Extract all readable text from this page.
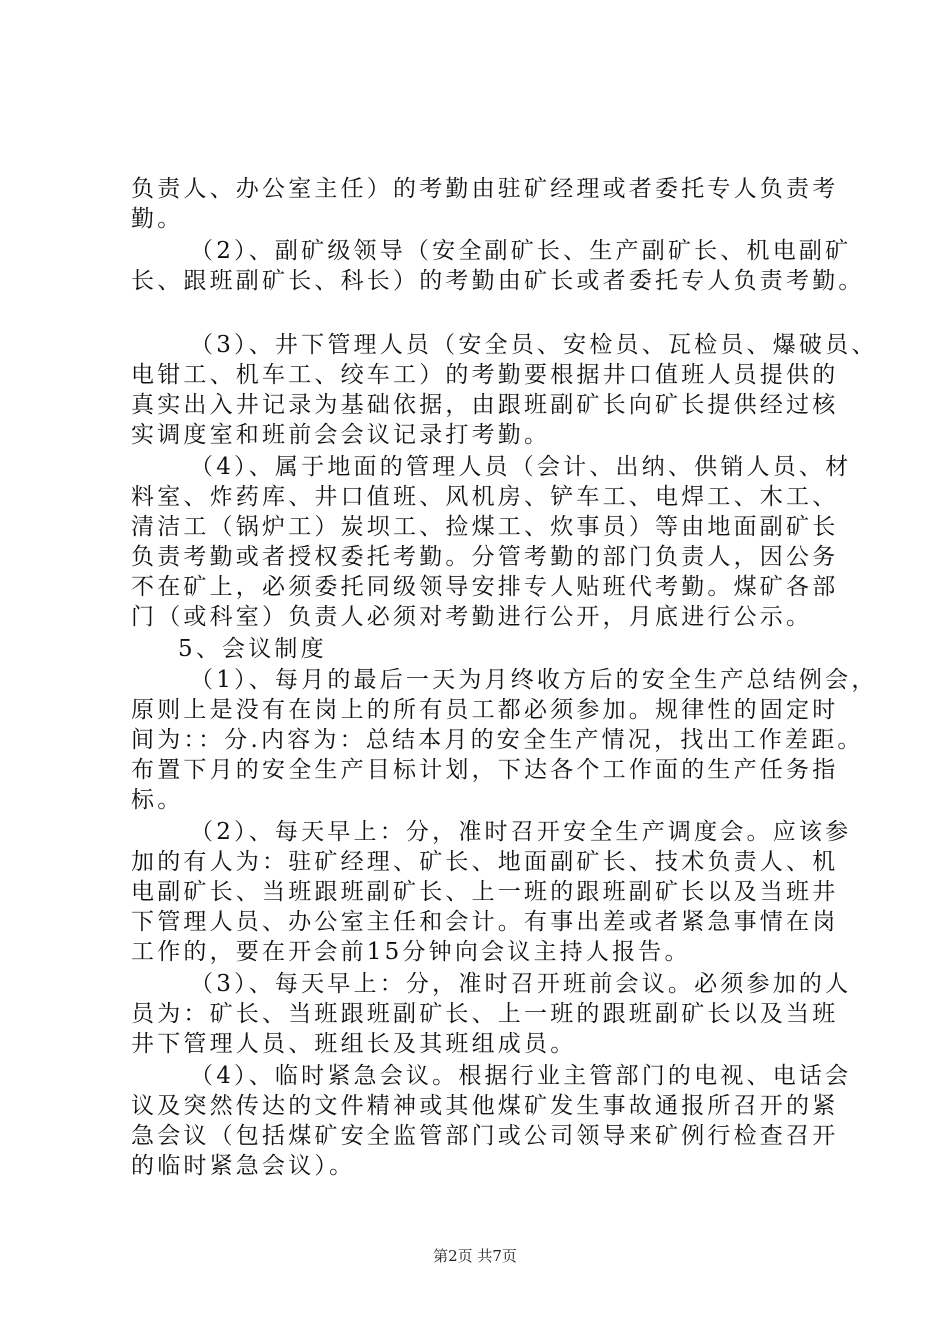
负责人、办公室主任）的考勤由驻矿经理或者委托专人负责考
勤。
（2）、副矿级领导（安全副矿长、生产副矿长、机电副矿
长、跟班副矿长、科长）的考勤由矿长或者委托专人负责考勤。
（3）、井下管理人员（安全员、安检员、瓦检员、爆破员、
电钳工、机车工、绞车工）的考勤要根据井口值班人员提供的
真实出入井记录为基础依据，由跟班副矿长向矿长提供经过核
实调度室和班前会会议记录打考勤。
（4）、属于地面的管理人员（会计、出纳、供销人员、材
料室、炸药库、井口值班、风机房、铲车工、电焊工、木工、
清洁工（锅炉工）炭坝工、捡煤工、炊事员）等由地面副矿长
负责考勤或者授权委托考勤。分管考勤的部门负责人，因公务
不在矿上，必须委托同级领导安排专人贴班代考勤。煤矿各部
门（或科室）负责人必须对考勤进行公开，月底进行公示。
5、会议制度
（1）、每月的最后一天为月终收方后的安全生产总结例会，
原则上是没有在岗上的所有员工都必须参加。规律性的固定时
间为：：分.内容为：总结本月的安全生产情况，找出工作差距。
布置下月的安全生产目标计划，下达各个工作面的生产任务指
标。
（2）、每天早上：分，准时召开安全生产调度会。应该参
加的有人为：驻矿经理、矿长、地面副矿长、技术负责人、机
电副矿长、当班跟班副矿长、上一班的跟班副矿长以及当班井
下管理人员、办公室主任和会计。有事出差或者紧急事情在岗
工作的，要在开会前15分钟向会议主持人报告。
（3）、每天早上：分，准时召开班前会议。必须参加的人
员为：矿长、当班跟班副矿长、上一班的跟班副矿长以及当班
井下管理人员、班组长及其班组成员。
（4）、临时紧急会议。根据行业主管部门的电视、电话会
议及突然传达的文件精神或其他煤矿发生事故通报所召开的紧
急会议（包括煤矿安全监管部门或公司领导来矿例行检查召开
的临时紧急会议）。
第2页 共7页
